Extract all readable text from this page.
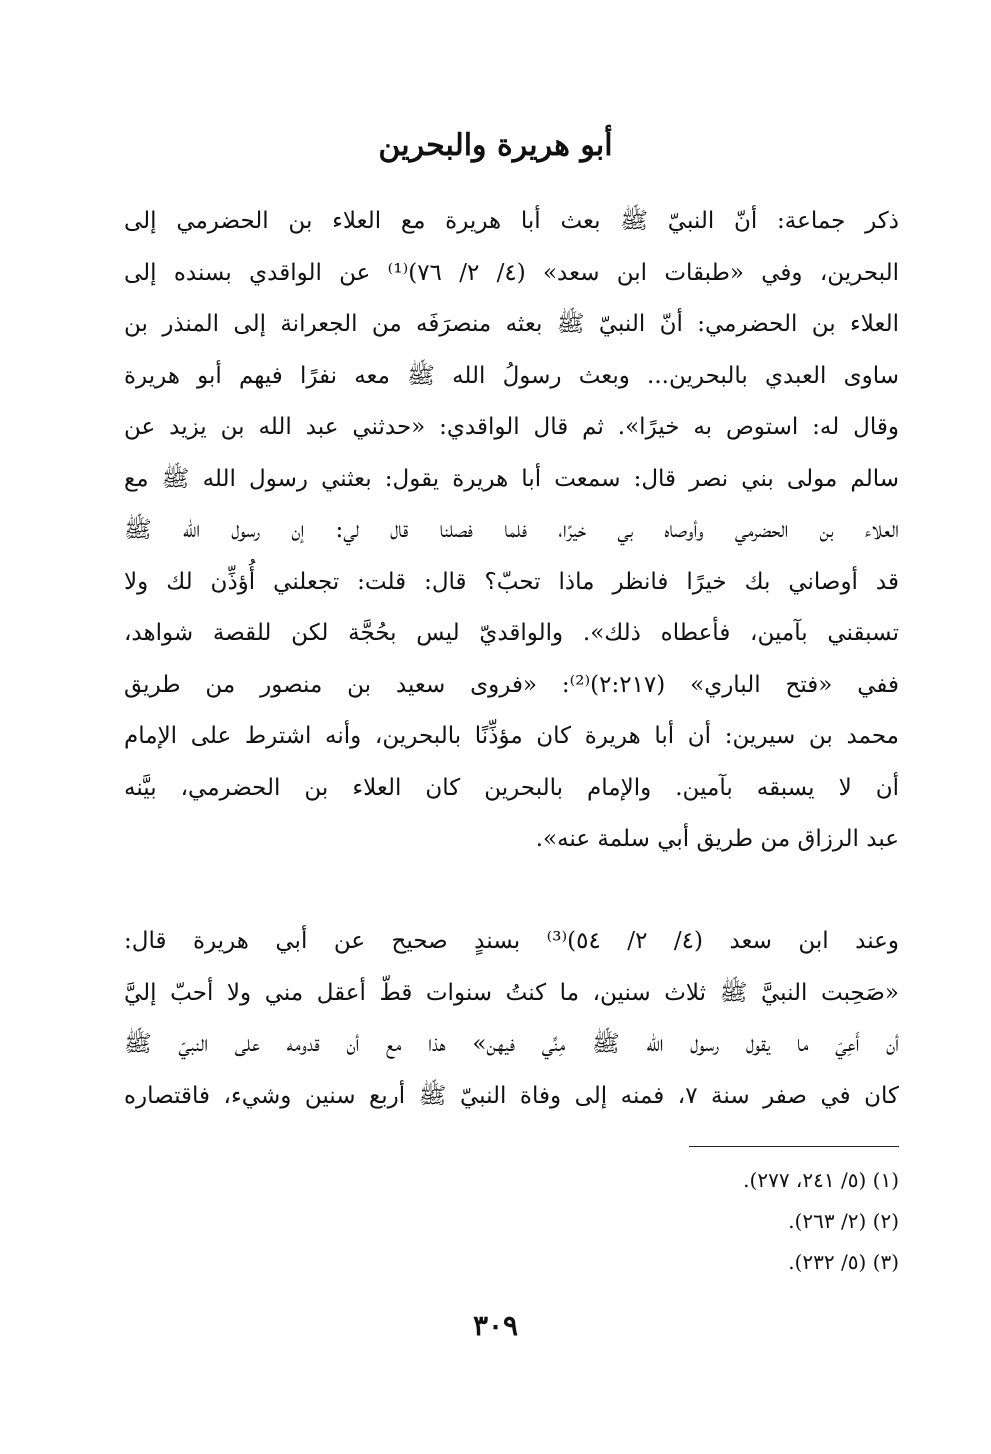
أبو هريرة والبحرين
ذكر جماعة: أنّ النبيّ ﷺ بعث أبا هريرة مع العلاء بن الحضرمي إلى
البحرين، وفي «طبقات ابن سعد» (٤/ ٢/ ٧٦)⁽¹⁾ عن الواقدي بسنده إلى
العلاء بن الحضرمي: أنّ النبيّ ﷺ بعثه منصرَفَه من الجعرانة إلى المنذر بن
ساوى العبدي بالبحرين... وبعث رسولُ الله ﷺ معه نفرًا فيهم أبو هريرة
وقال له: استوص به خيرًا». ثم قال الواقدي: «حدثني عبد الله بن يزيد عن
سالم مولى بني نصر قال: سمعت أبا هريرة يقول: بعثني رسول الله ﷺ مع
العلاء بن الحضرمي وأوصاه بي خيرًا، فلما فصلنا قال لي: إن رسول الله ﷺ
قد أوصاني بك خيرًا فانظر ماذا تحبّ؟ قال: قلت: تجعلني أُؤذِّن لك ولا
تسبقني بآمين، فأعطاه ذلك». والواقديّ ليس بحُجَّة لكن للقصة شواهد،
ففي «فتح الباري» (٢:٢١٧)⁽²⁾: «فروى سعيد بن منصور من طريق
محمد بن سيرين: أن أبا هريرة كان مؤذِّنًا بالبحرين، وأنه اشترط على الإمام
أن لا يسبقه بآمين. والإمام بالبحرين كان العلاء بن الحضرمي، بيَّنه
عبد الرزاق من طريق أبي سلمة عنه».
وعند ابن سعد (٤/ ٢/ ٥٤)⁽³⁾ بسندٍ صحيح عن أبي هريرة قال:
«صَحِبت النبيَّ ﷺ ثلاث سنين، ما كنتُ سنوات قطّ أعقل مني ولا أحبّ إليَّ
أن أَعِيَ ما يقول رسول الله ﷺ مِنِّي فيهن» هذا مع أن قدومه على النبيّ ﷺ
كان في صفر سنة ٧، فمنه إلى وفاة النبيّ ﷺ أربع سنين وشيء، فاقتصاره
(١) (٥/ ٢٤١، ٢٧٧).
(٢) (٢/ ٢٦٣).
(٣) (٥/ ٢٣٢).
٣٠٩
